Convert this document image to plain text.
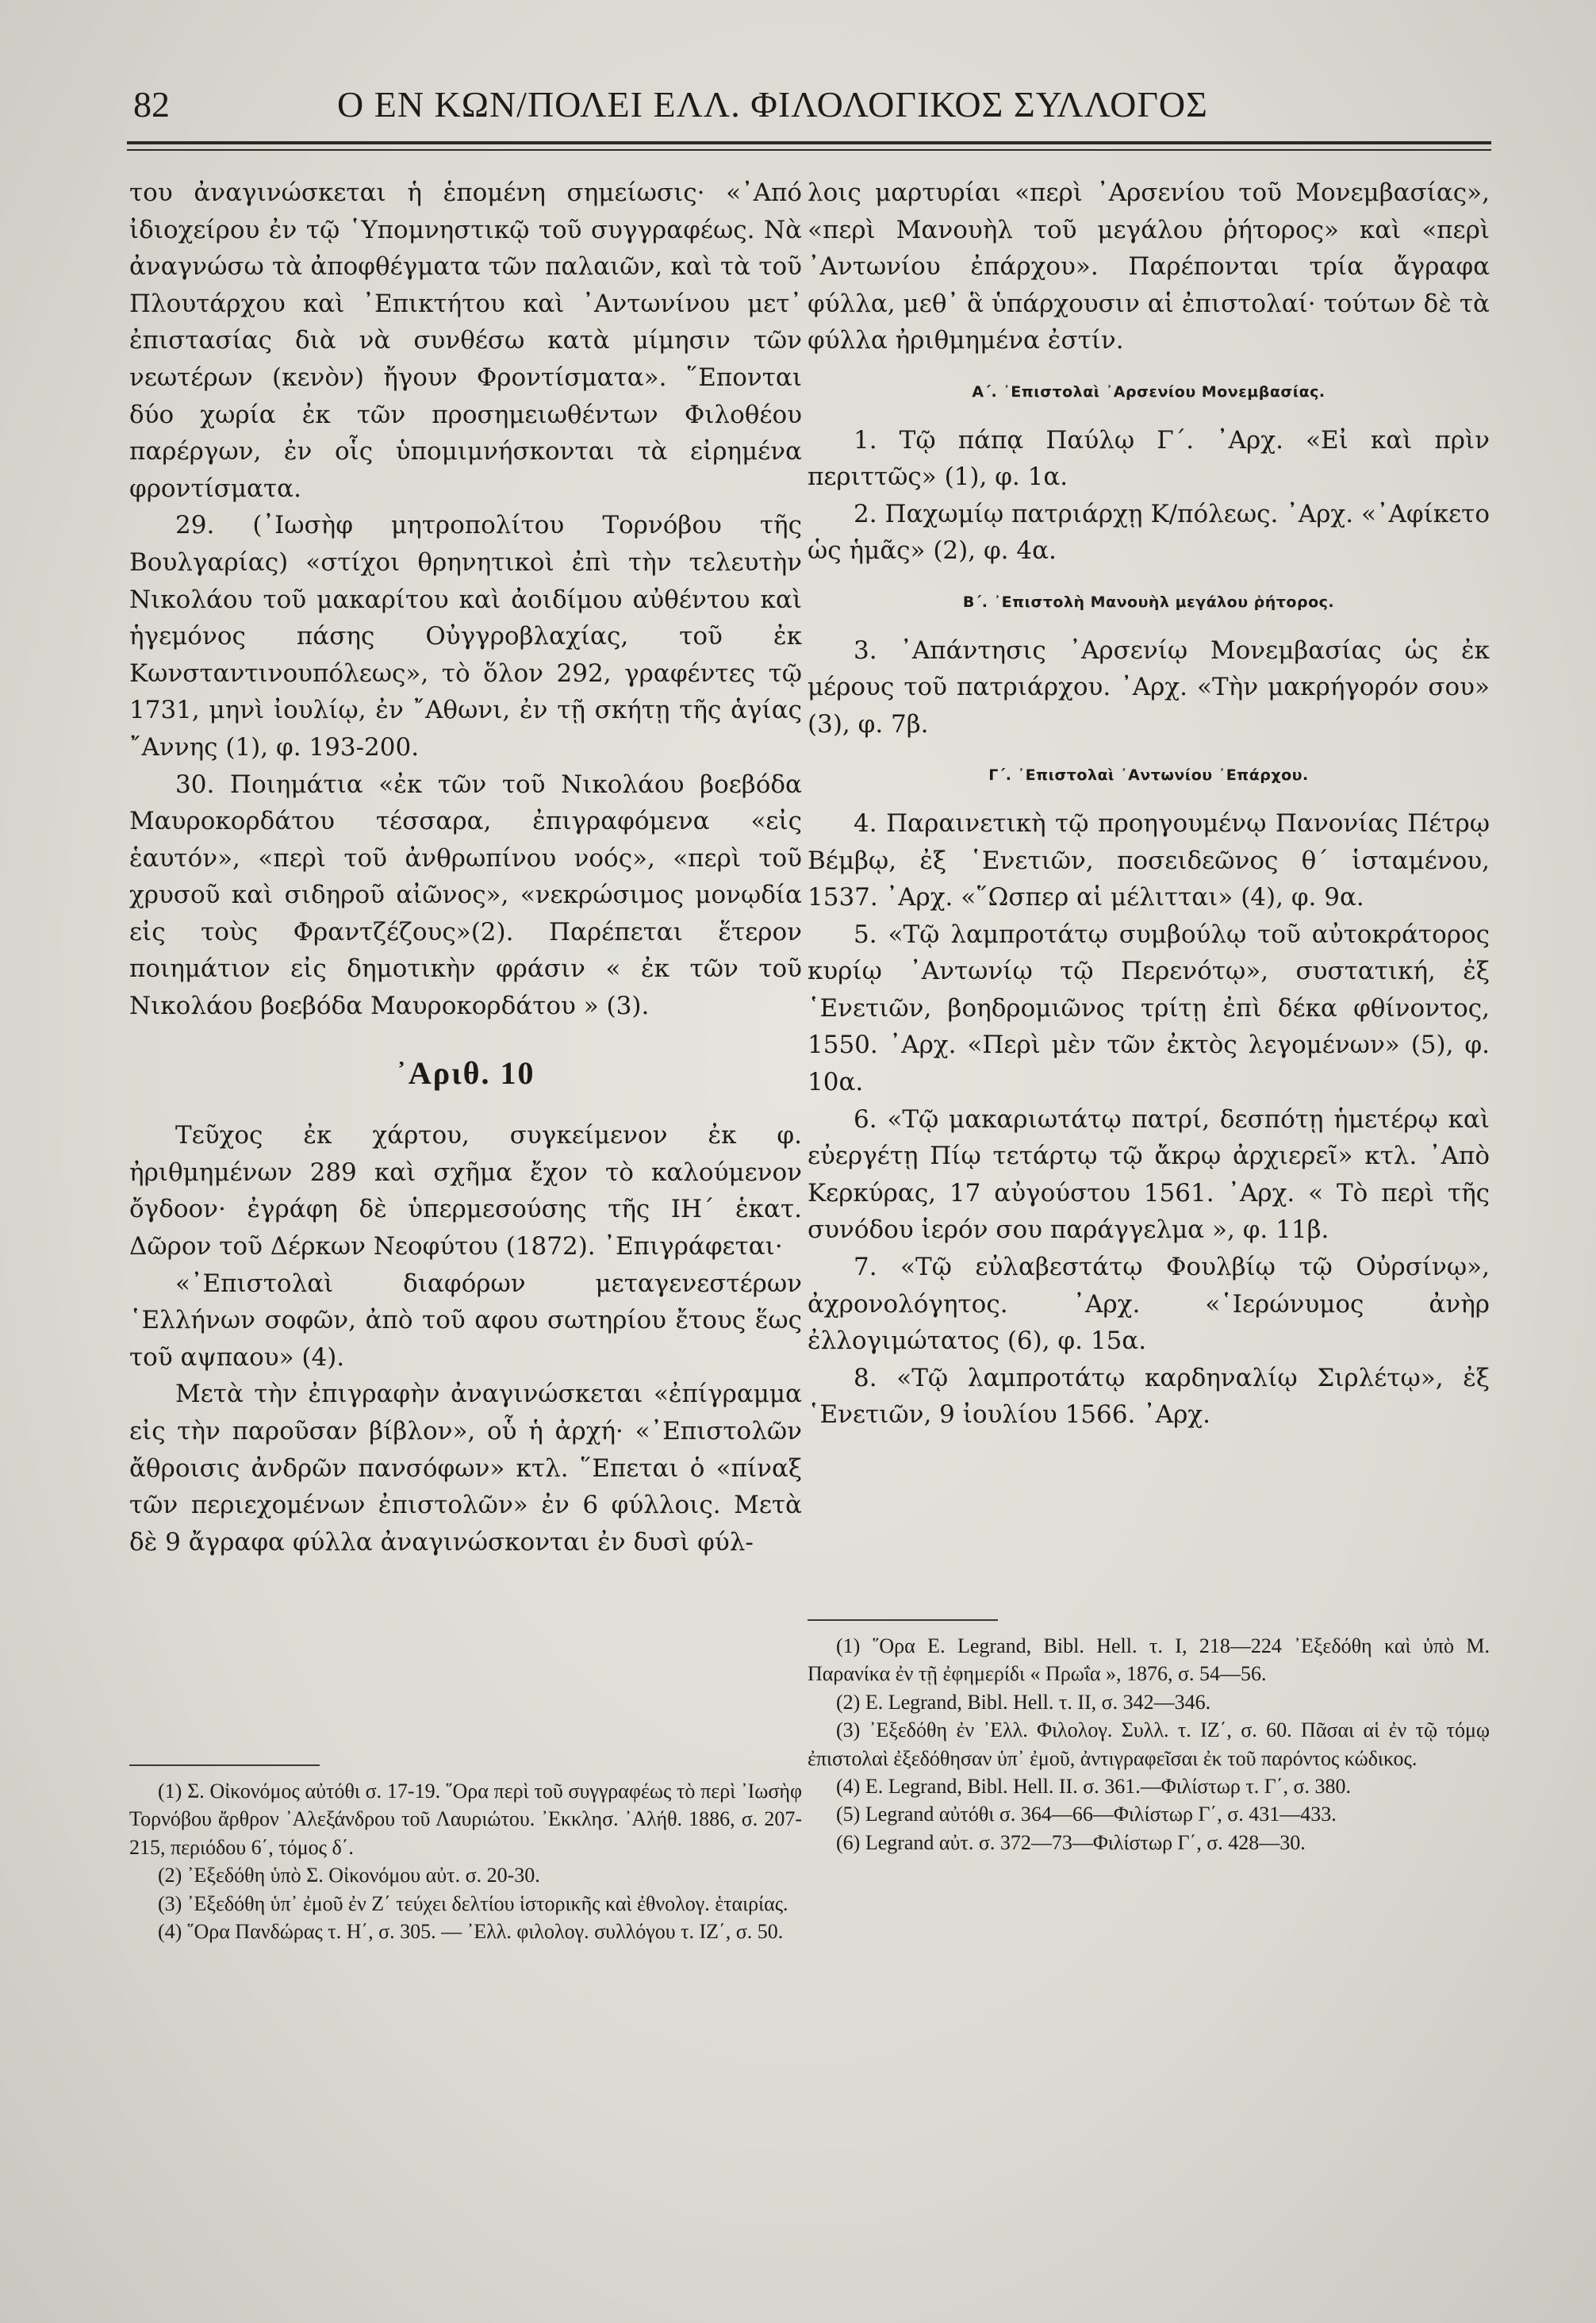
82	Ο ΕΝ ΚΩΝ/ΠΟΛΕΙ ΕΛΛ. ΦΙΛΟΛΟΓΙΚΟΣ ΣΥΛΛΟΓΟΣ

του ἀναγινώσκεται ἡ ἑπομένη σημείωσις· «᾿Από ἰδιοχείρου ἐν τῷ ῾Υπομνηστικῷ τοῦ συγγραφέως. Νὰ ἀναγνώσω τὰ ἀποφθέγματα τῶν παλαιῶν, καὶ τὰ τοῦ Πλουτάρχου καὶ ᾿Επικτήτου καὶ ᾿Αντωνίνου μετ᾿ ἐπιστασίας διὰ νὰ συνθέσω κατὰ μίμησιν τῶν νεωτέρων (κενὸν) ἤγουν Φροντίσματα». ῞Επονται δύο χωρία ἐκ τῶν προσημειωθέντων Φιλοθέου παρέργων, ἐν οἷς ὑπομιμνήσκονται τὰ εἰρημένα φροντίσματα.

29. (᾿Ιωσὴφ μητροπολίτου Τορνόβου τῆς Βουλγαρίας) «στίχοι θρηνητικοὶ ἐπὶ τὴν τελευτὴν Νικολάου τοῦ μακαρίτου καὶ ἀοιδίμου αὐθέντου καὶ ἡγεμόνος πάσης Οὐγγροβλαχίας, τοῦ ἐκ Κωνσταντινουπόλεως», τὸ ὅλον 292, γραφέντες τῷ 1731, μηνὶ ἰουλίῳ, ἐν ῎Αθωνι, ἐν τῇ σκήτῃ τῆς ἁγίας ῎Αννης (1), φ. 193-200.

30. Ποιημάτια «ἐκ τῶν τοῦ Νικολάου βοεβόδα Μαυροκορδάτου τέσσαρα, ἐπιγραφόμενα «εἰς ἑαυτόν», «περὶ τοῦ ἀνθρωπίνου νοός», «περὶ τοῦ χρυσοῦ καὶ σιδηροῦ αἰῶνος», «νεκρώσιμος μονῳδία εἰς τοὺς Φραντζέζους»(2). Παρέπεται ἕτερον ποιημάτιον εἰς δημοτικὴν φράσιν « ἐκ τῶν τοῦ Νικολάου βοεβόδα Μαυροκορδάτου » (3).

᾿Αριθ. 10

Τεῦχος ἐκ χάρτου, συγκείμενον ἐκ φ. ἠριθμημένων 289 καὶ σχῆμα ἔχον τὸ καλούμενον ὄγδοον· ἐγράφη δὲ ὑπερμεσούσης τῆς ΙΗ΄ ἑκατ. Δῶρον τοῦ Δέρκων Νεοφύτου (1872). ᾿Επιγράφεται·

«᾿Επιστολαὶ διαφόρων μεταγενεστέρων ῾Ελλήνων σοφῶν, ἀπὸ τοῦ αφου σωτηρίου ἔτους ἕως τοῦ αψπαου» (4).

Μετὰ τὴν ἐπιγραφὴν ἀναγινώσκεται «ἐπίγραμμα εἰς τὴν παροῦσαν βίβλον», οὗ ἡ ἀρχή· «᾿Επιστολῶν ἄθροισις ἀνδρῶν πανσόφων» κτλ. ῞Επεται ὁ «πίναξ τῶν περιεχομένων ἐπιστολῶν» ἐν 6 φύλλοις. Μετὰ δὲ 9 ἄγραφα φύλλα ἀναγινώσκονται ἐν δυσὶ φύλ-

λοις μαρτυρίαι «περὶ ᾿Αρσενίου τοῦ Μονεμβασίας», «περὶ Μανουὴλ τοῦ μεγάλου ῥήτορος» καὶ «περὶ ᾿Αντωνίου ἐπάρχου». Παρέπονται τρία ἄγραφα φύλλα, μεθ᾿ ἃ ὑπάρχουσιν αἱ ἐπιστολαί· τούτων δὲ τὰ φύλλα ἠριθμημένα ἐστίν.

Α΄. ᾿Επιστολαὶ ᾿Αρσενίου Μονεμβασίας.

1. Τῷ πάπᾳ Παύλῳ Γ΄. ᾿Αρχ. «Εἰ καὶ πρὶν περιττῶς» (1), φ. 1α.

2. Παχωμίῳ πατριάρχῃ Κ/πόλεως. ᾿Αρχ. «᾿Αφίκετο ὡς ἡμᾶς» (2), φ. 4α.

Β΄. ᾿Επιστολὴ Μανουὴλ μεγάλου ῥήτορος.

3. ᾿Απάντησις ᾿Αρσενίῳ Μονεμβασίας ὡς ἐκ μέρους τοῦ πατριάρχου. ᾿Αρχ. «Τὴν μακρήγορόν σου» (3), φ. 7β.

Γ΄. ᾿Επιστολαὶ ᾿Αντωνίου ᾿Επάρχου.

4. Παραινετικὴ τῷ προηγουμένῳ Πανονίας Πέτρῳ Βέμβῳ, ἐξ ῾Ενετιῶν, ποσειδεῶνος θ΄ ἱσταμένου, 1537. ᾿Αρχ. «῞Ωσπερ αἱ μέλιτται» (4), φ. 9α.

5. «Τῷ λαμπροτάτῳ συμβούλῳ τοῦ αὐτοκράτορος κυρίῳ ᾿Αντωνίῳ τῷ Περενότῳ», συστατική, ἐξ ῾Ενετιῶν, βοηδρομιῶνος τρίτῃ ἐπὶ δέκα φθίνοντος, 1550. ᾿Αρχ. «Περὶ μὲν τῶν ἐκτὸς λεγομένων» (5), φ. 10α.

6. «Τῷ μακαριωτάτῳ πατρί, δεσπότῃ ἡμετέρῳ καὶ εὐεργέτῃ Πίῳ τετάρτῳ τῷ ἄκρῳ ἀρχιερεῖ» κτλ. ᾿Απὸ Κερκύρας, 17 αὐγούστου 1561. ᾿Αρχ. « Τὸ περὶ τῆς συνόδου ἱερόν σου παράγγελμα », φ. 11β.

7. «Τῷ εὐλαβεστάτῳ Φουλβίῳ τῷ Οὐρσίνῳ», ἀχρονολόγητος. ᾿Αρχ. «῾Ιερώνυμος ἀνὴρ ἐλλογιμώτατος (6), φ. 15α.

8. «Τῷ λαμπροτάτῳ καρδηναλίῳ Σιρλέτῳ», ἐξ ῾Ενετιῶν, 9 ἰουλίου 1566. ᾿Αρχ.

(1) Σ. Οἰκονόμος αὐτόθι σ. 17-19. ῞Ορα περὶ τοῦ συγγραφέως τὸ περὶ ᾿Ιωσὴφ Τορνόβου ἄρθρον ᾿Αλεξάνδρου τοῦ Λαυριώτου. ᾿Εκκλησ. ᾿Αλήθ. 1886, σ. 207-215, περιόδου 6΄, τόμος δ΄.

(2) ᾿Εξεδόθη ὑπὸ Σ. Οἰκονόμου αὐτ. σ. 20-30.

(3) ᾿Εξεδόθη ὑπ᾿ ἐμοῦ ἐν Ζ΄ τεύχει δελτίου ἱστορικῆς καὶ ἐθνολογ. ἑταιρίας.

(4) ῞Ορα Πανδώρας τ. Η΄, σ. 305. — ᾿Ελλ. φιλολογ. συλλόγου τ. ΙΖ΄, σ. 50.

(1) ῞Ορα E. Legrand, Bibl. Hell. τ. I, 218—224 ᾿Εξεδόθη καὶ ὑπὸ Μ. Παρανίκα ἐν τῇ ἐφημερίδι « Πρωΐα », 1876, σ. 54—56.

(2) E. Legrand, Bibl. Hell. τ. II, σ. 342—346.

(3) ᾿Εξεδόθη ἐν ᾿Ελλ. Φιλολογ. Συλλ. τ. ΙΖ΄, σ. 60. Πᾶσαι αἱ ἐν τῷ τόμῳ ἐπιστολαὶ ἐξεδόθησαν ὑπ᾿ ἐμοῦ, ἀντιγραφεῖσαι ἐκ τοῦ παρόντος κώδικος.

(4) E. Legrand, Bibl. Hell. II. σ. 361.—Φιλίστωρ τ. Γ΄, σ. 380.

(5) Legrand αὐτόθι σ. 364—66—Φιλίστωρ Γ΄, σ. 431—433.

(6) Legrand αὐτ. σ. 372—73—Φιλίστωρ Γ΄, σ. 428—30.
